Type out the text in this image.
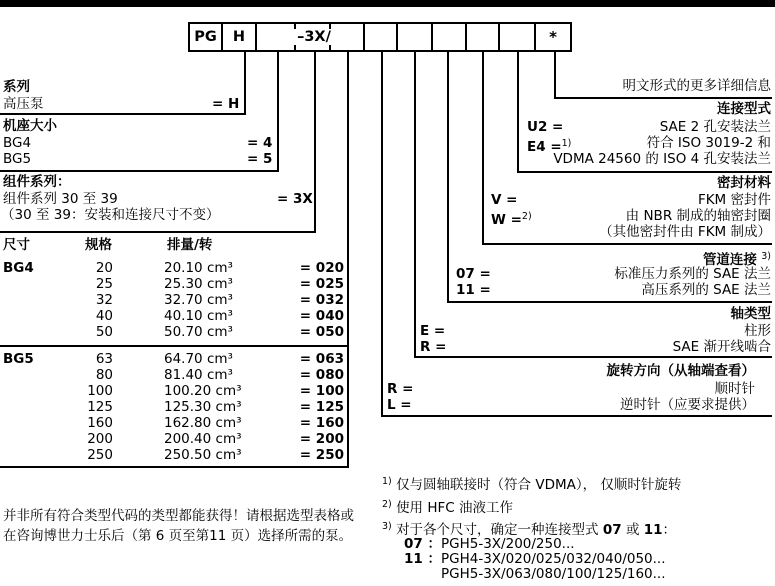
PG H	–3X/	*
系列
高压泵	= H
机座大小
BG4	= 4
BG5	= 5
组件系列：
组件系列 30 至 39	= 3X
（30 至 39：安装和连接尺寸不变）
尺寸	规格	排量/转
BG4	20	20.10 cm³	= 020
25	25.30 cm³	= 025
32	32.70 cm³	= 032
40	40.10 cm³	= 040
50	50.70 cm³	= 050
BG5	63	64.70 cm³	= 063
80	81.40 cm³	= 080
100	100.20 cm³	= 100
125	125.30 cm³	= 125
160	162.80 cm³	= 160
200	200.40 cm³	= 200
250	250.50 cm³	= 250
明文形式的更多详细信息
连接型式
U2 =	SAE 2 孔安装法兰
E4 =$^{1)}$	符合 ISO 3019-2 和
VDMA 24560 的 ISO 4 孔安装法兰
密封材料
V =	FKM 密封件
W =$^{2)}$	由 NBR 制成的轴密封圈
（其他密封件由 FKM 制成）
管道连接 $^{3)}$
07 =	标准压力系列的 SAE 法兰
11 =	高压系列的 SAE 法兰
轴类型
E =	柱形
R =	SAE 渐开线啮合
旋转方向（从轴端查看）
R =	顺时针
L =	逆时针（应要求提供）
$^{1)}$ 仅与圆轴联接时（符合 VDMA）， 仅顺时针旋转
$^{2)}$ 使用 HFC 油液工作
$^{3)}$ 对于各个尺寸，确定一种连接型式 07 或 11：
07 ： PGH5-3X/200/250...
11 ： PGH4-3X/020/025/032/040/050...
PGH5-3X/063/080/100/125/160...
并非所有符合类型代码的类型都能获得！请根据选型表格或
在咨询博世力士乐后（第 6 页至第11 页）选择所需的泵。
